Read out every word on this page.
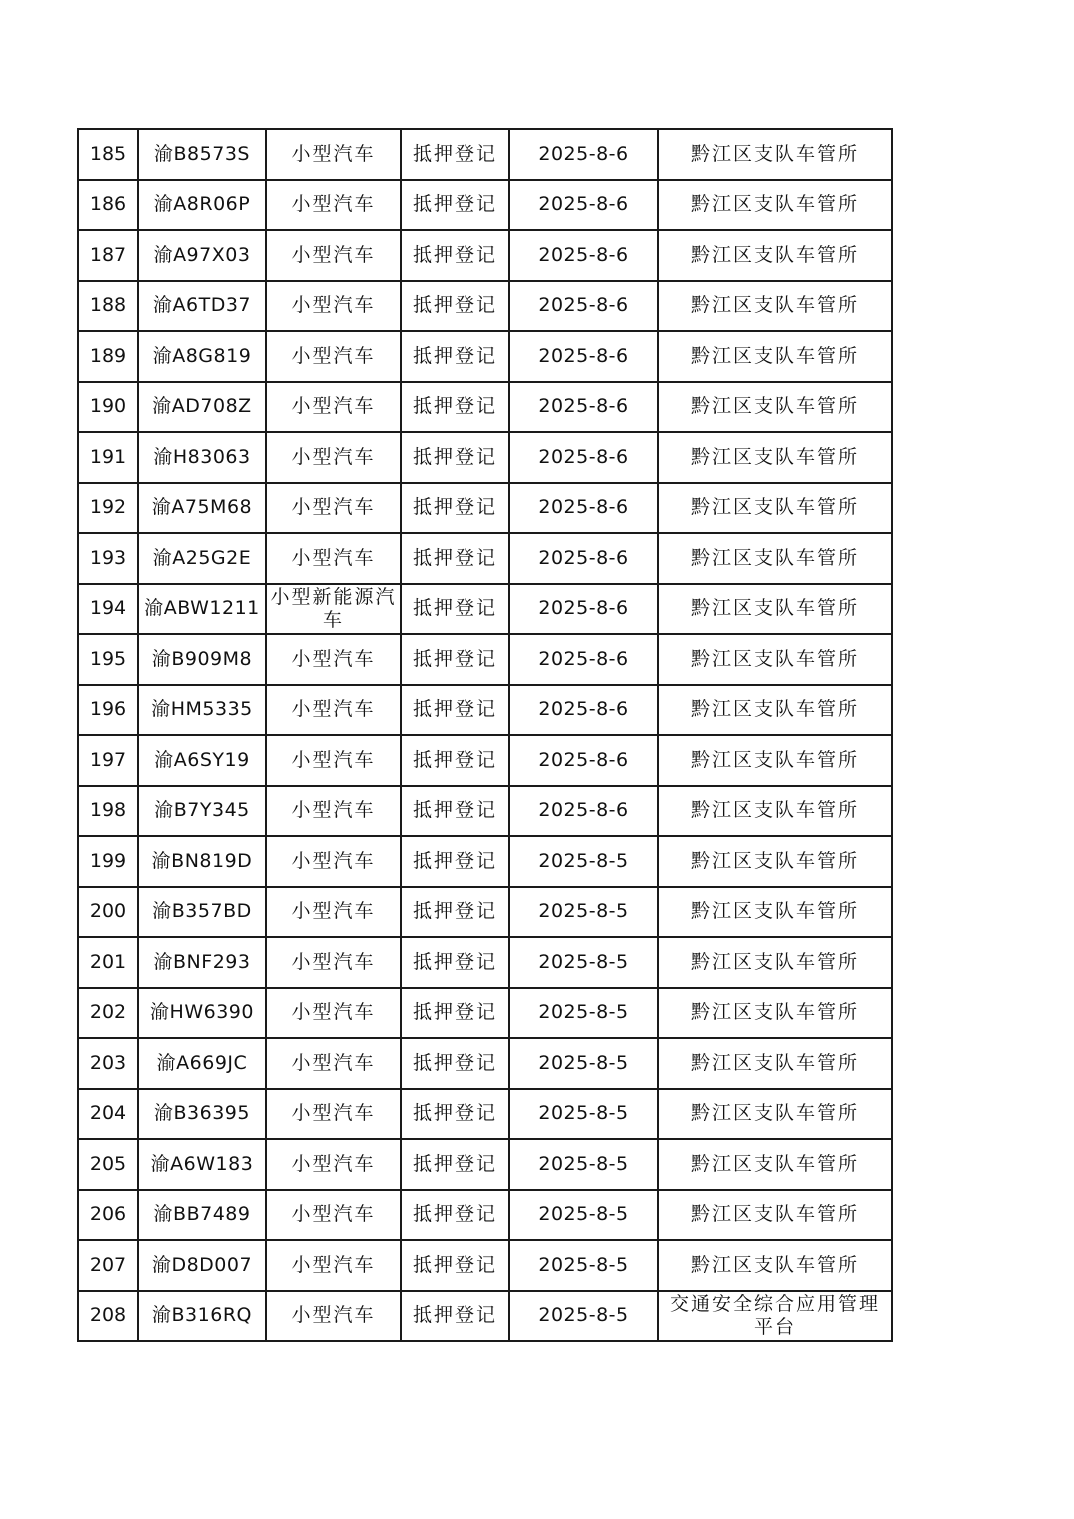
185	渝B8573S	小型汽车	抵押登记	2025-8-6	黔江区支队车管所
186	渝A8R06P	小型汽车	抵押登记	2025-8-6	黔江区支队车管所
187	渝A97X03	小型汽车	抵押登记	2025-8-6	黔江区支队车管所
188	渝A6TD37	小型汽车	抵押登记	2025-8-6	黔江区支队车管所
189	渝A8G819	小型汽车	抵押登记	2025-8-6	黔江区支队车管所
190	渝AD708Z	小型汽车	抵押登记	2025-8-6	黔江区支队车管所
191	渝H83063	小型汽车	抵押登记	2025-8-6	黔江区支队车管所
192	渝A75M68	小型汽车	抵押登记	2025-8-6	黔江区支队车管所
193	渝A25G2E	小型汽车	抵押登记	2025-8-6	黔江区支队车管所
194	渝ABW1211	小型新能源汽车	抵押登记	2025-8-6	黔江区支队车管所
195	渝B909M8	小型汽车	抵押登记	2025-8-6	黔江区支队车管所
196	渝HM5335	小型汽车	抵押登记	2025-8-6	黔江区支队车管所
197	渝A6SY19	小型汽车	抵押登记	2025-8-6	黔江区支队车管所
198	渝B7Y345	小型汽车	抵押登记	2025-8-6	黔江区支队车管所
199	渝BN819D	小型汽车	抵押登记	2025-8-5	黔江区支队车管所
200	渝B357BD	小型汽车	抵押登记	2025-8-5	黔江区支队车管所
201	渝BNF293	小型汽车	抵押登记	2025-8-5	黔江区支队车管所
202	渝HW6390	小型汽车	抵押登记	2025-8-5	黔江区支队车管所
203	渝A669JC	小型汽车	抵押登记	2025-8-5	黔江区支队车管所
204	渝B36395	小型汽车	抵押登记	2025-8-5	黔江区支队车管所
205	渝A6W183	小型汽车	抵押登记	2025-8-5	黔江区支队车管所
206	渝BB7489	小型汽车	抵押登记	2025-8-5	黔江区支队车管所
207	渝D8D007	小型汽车	抵押登记	2025-8-5	黔江区支队车管所
208	渝B316RQ	小型汽车	抵押登记	2025-8-5	交通安全综合应用管理平台
